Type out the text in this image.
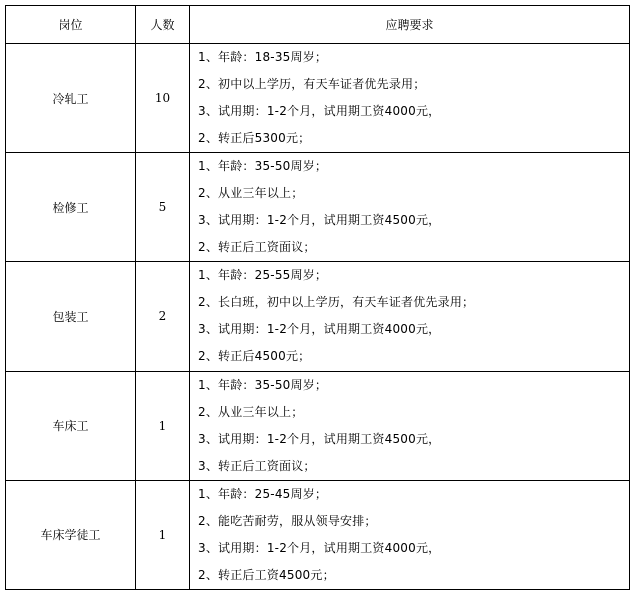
岗位	人数	应聘要求
冷轧工	10	1、年龄：18-35周岁；
2、初中以上学历，有天车证者优先录用；
3、试用期：1-2个月，试用期工资4000元，
2、转正后5300元；

检修工	5	1、年龄：35-50周岁；
2、从业三年以上；
3、试用期：1-2个月，试用期工资4500元，
2、转正后工资面议；

包装工	2	1、年龄：25-55周岁；
2、长白班，初中以上学历，有天车证者优先录用；
3、试用期：1-2个月，试用期工资4000元，
2、转正后4500元；

车床工	1	1、年龄：35-50周岁；
2、从业三年以上；
3、试用期：1-2个月，试用期工资4500元，
3、转正后工资面议；

车床学徒工	1	1、年龄：25-45周岁；
2、能吃苦耐劳，服从领导安排；
3、试用期：1-2个月，试用期工资4000元，
2、转正后工资4500元；
